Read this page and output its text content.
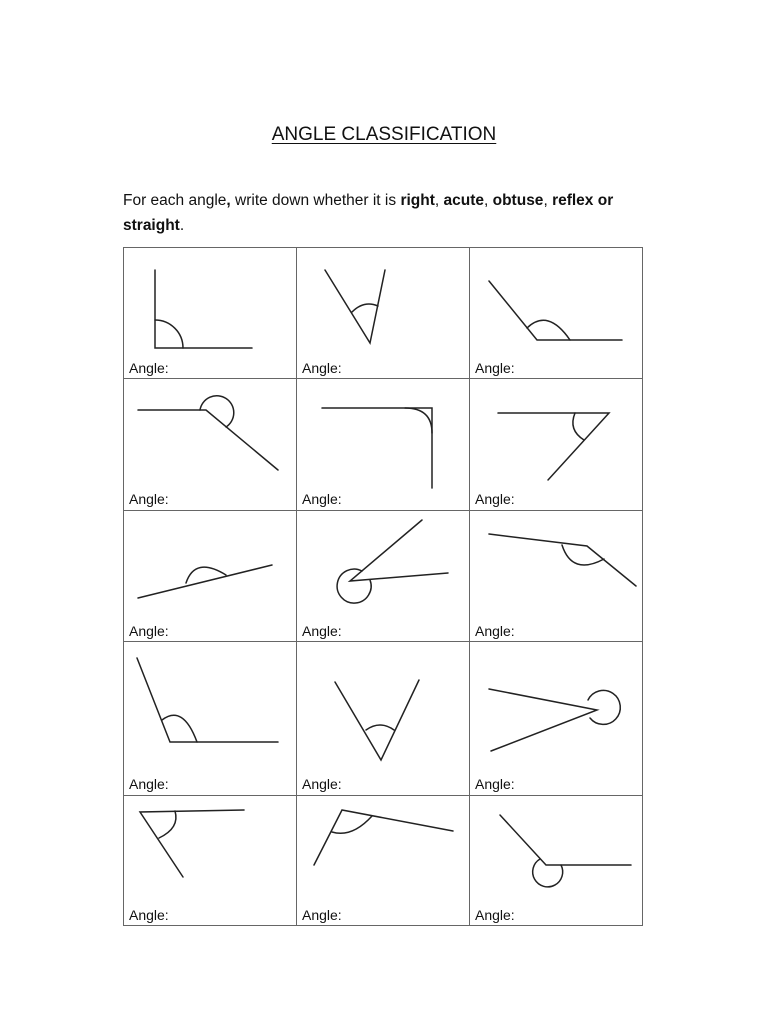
ANGLE CLASSIFICATION
For each angle, write down whether it is right, acute, obtuse, reflex or straight.
Angle:	Angle:	Angle:
Angle:	Angle:	Angle:
Angle:	Angle:	Angle:
Angle:	Angle:	Angle:
Angle:	Angle:	Angle:
